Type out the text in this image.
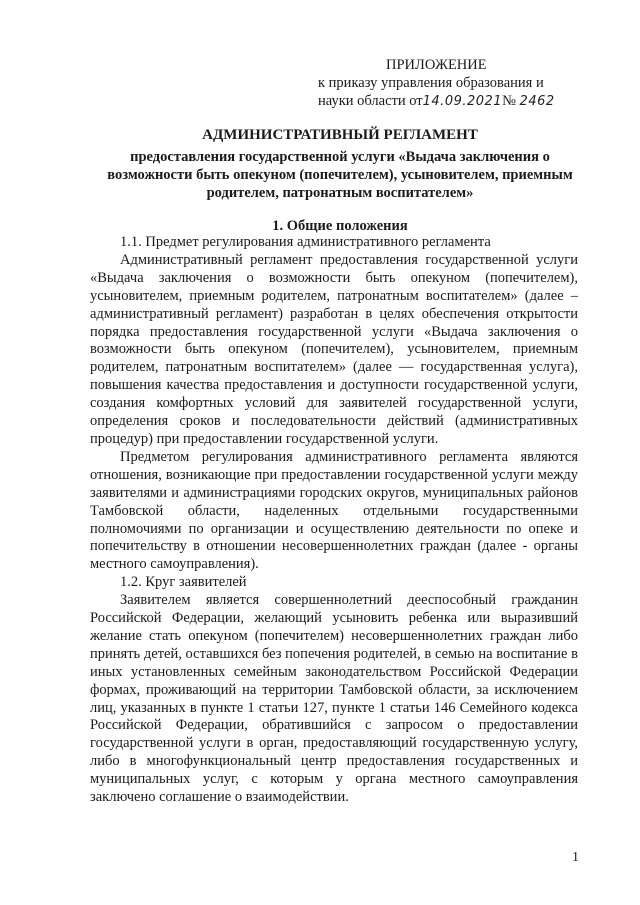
ПРИЛОЖЕНИЕ
к приказу управления образования и
науки области от14.09.2021№ 2462
АДМИНИСТРАТИВНЫЙ РЕГЛАМЕНТ
предоставления государственной услуги «Выдача заключения о возможности быть опекуном (попечителем), усыновителем, приемным родителем, патронатным воспитателем»
1. Общие положения

1.1. Предмет регулирования административного регламента

Административный регламент предоставления государственной услуги «Выдача заключения о возможности быть опекуном (попечителем), усыновителем, приемным родителем, патронатным воспитателем» (далее – административный регламент) разработан в целях обеспечения открытости порядка предоставления государственной услуги «Выдача заключения о возможности быть опекуном (попечителем), усыновителем, приемным родителем, патронатным воспитателем» (далее — государственная услуга), повышения качества предоставления и доступности государственной услуги, создания комфортных условий для заявителей государственной услуги, определения сроков и последовательности действий (административных процедур) при предоставлении государственной услуги.

Предметом регулирования административного регламента являются отношения, возникающие при предоставлении государственной услуги между заявителями и администрациями городских округов, муниципальных районов Тамбовской области, наделенных отдельными государственными полномочиями по организации и осуществлению деятельности по опеке и попечительству в отношении несовершеннолетних граждан (далее - органы местного самоуправления).

1.2. Круг заявителей

Заявителем является совершеннолетний дееспособный гражданин Российской Федерации, желающий усыновить ребенка или выразивший желание стать опекуном (попечителем) несовершеннолетних граждан либо принять детей, оставшихся без попечения родителей, в семью на воспитание в иных установленных семейным законодательством Российской Федерации формах, проживающий на территории Тамбовской области, за исключением лиц, указанных в пункте 1 статьи 127, пункте 1 статьи 146 Семейного кодекса Российской Федерации, обратившийся с запросом о предоставлении государственной услуги в орган, предоставляющий государственную услугу, либо в многофункциональный центр предоставления государственных и муниципальных услуг, с которым у органа местного самоуправления заключено соглашение о взаимодействии.

1
